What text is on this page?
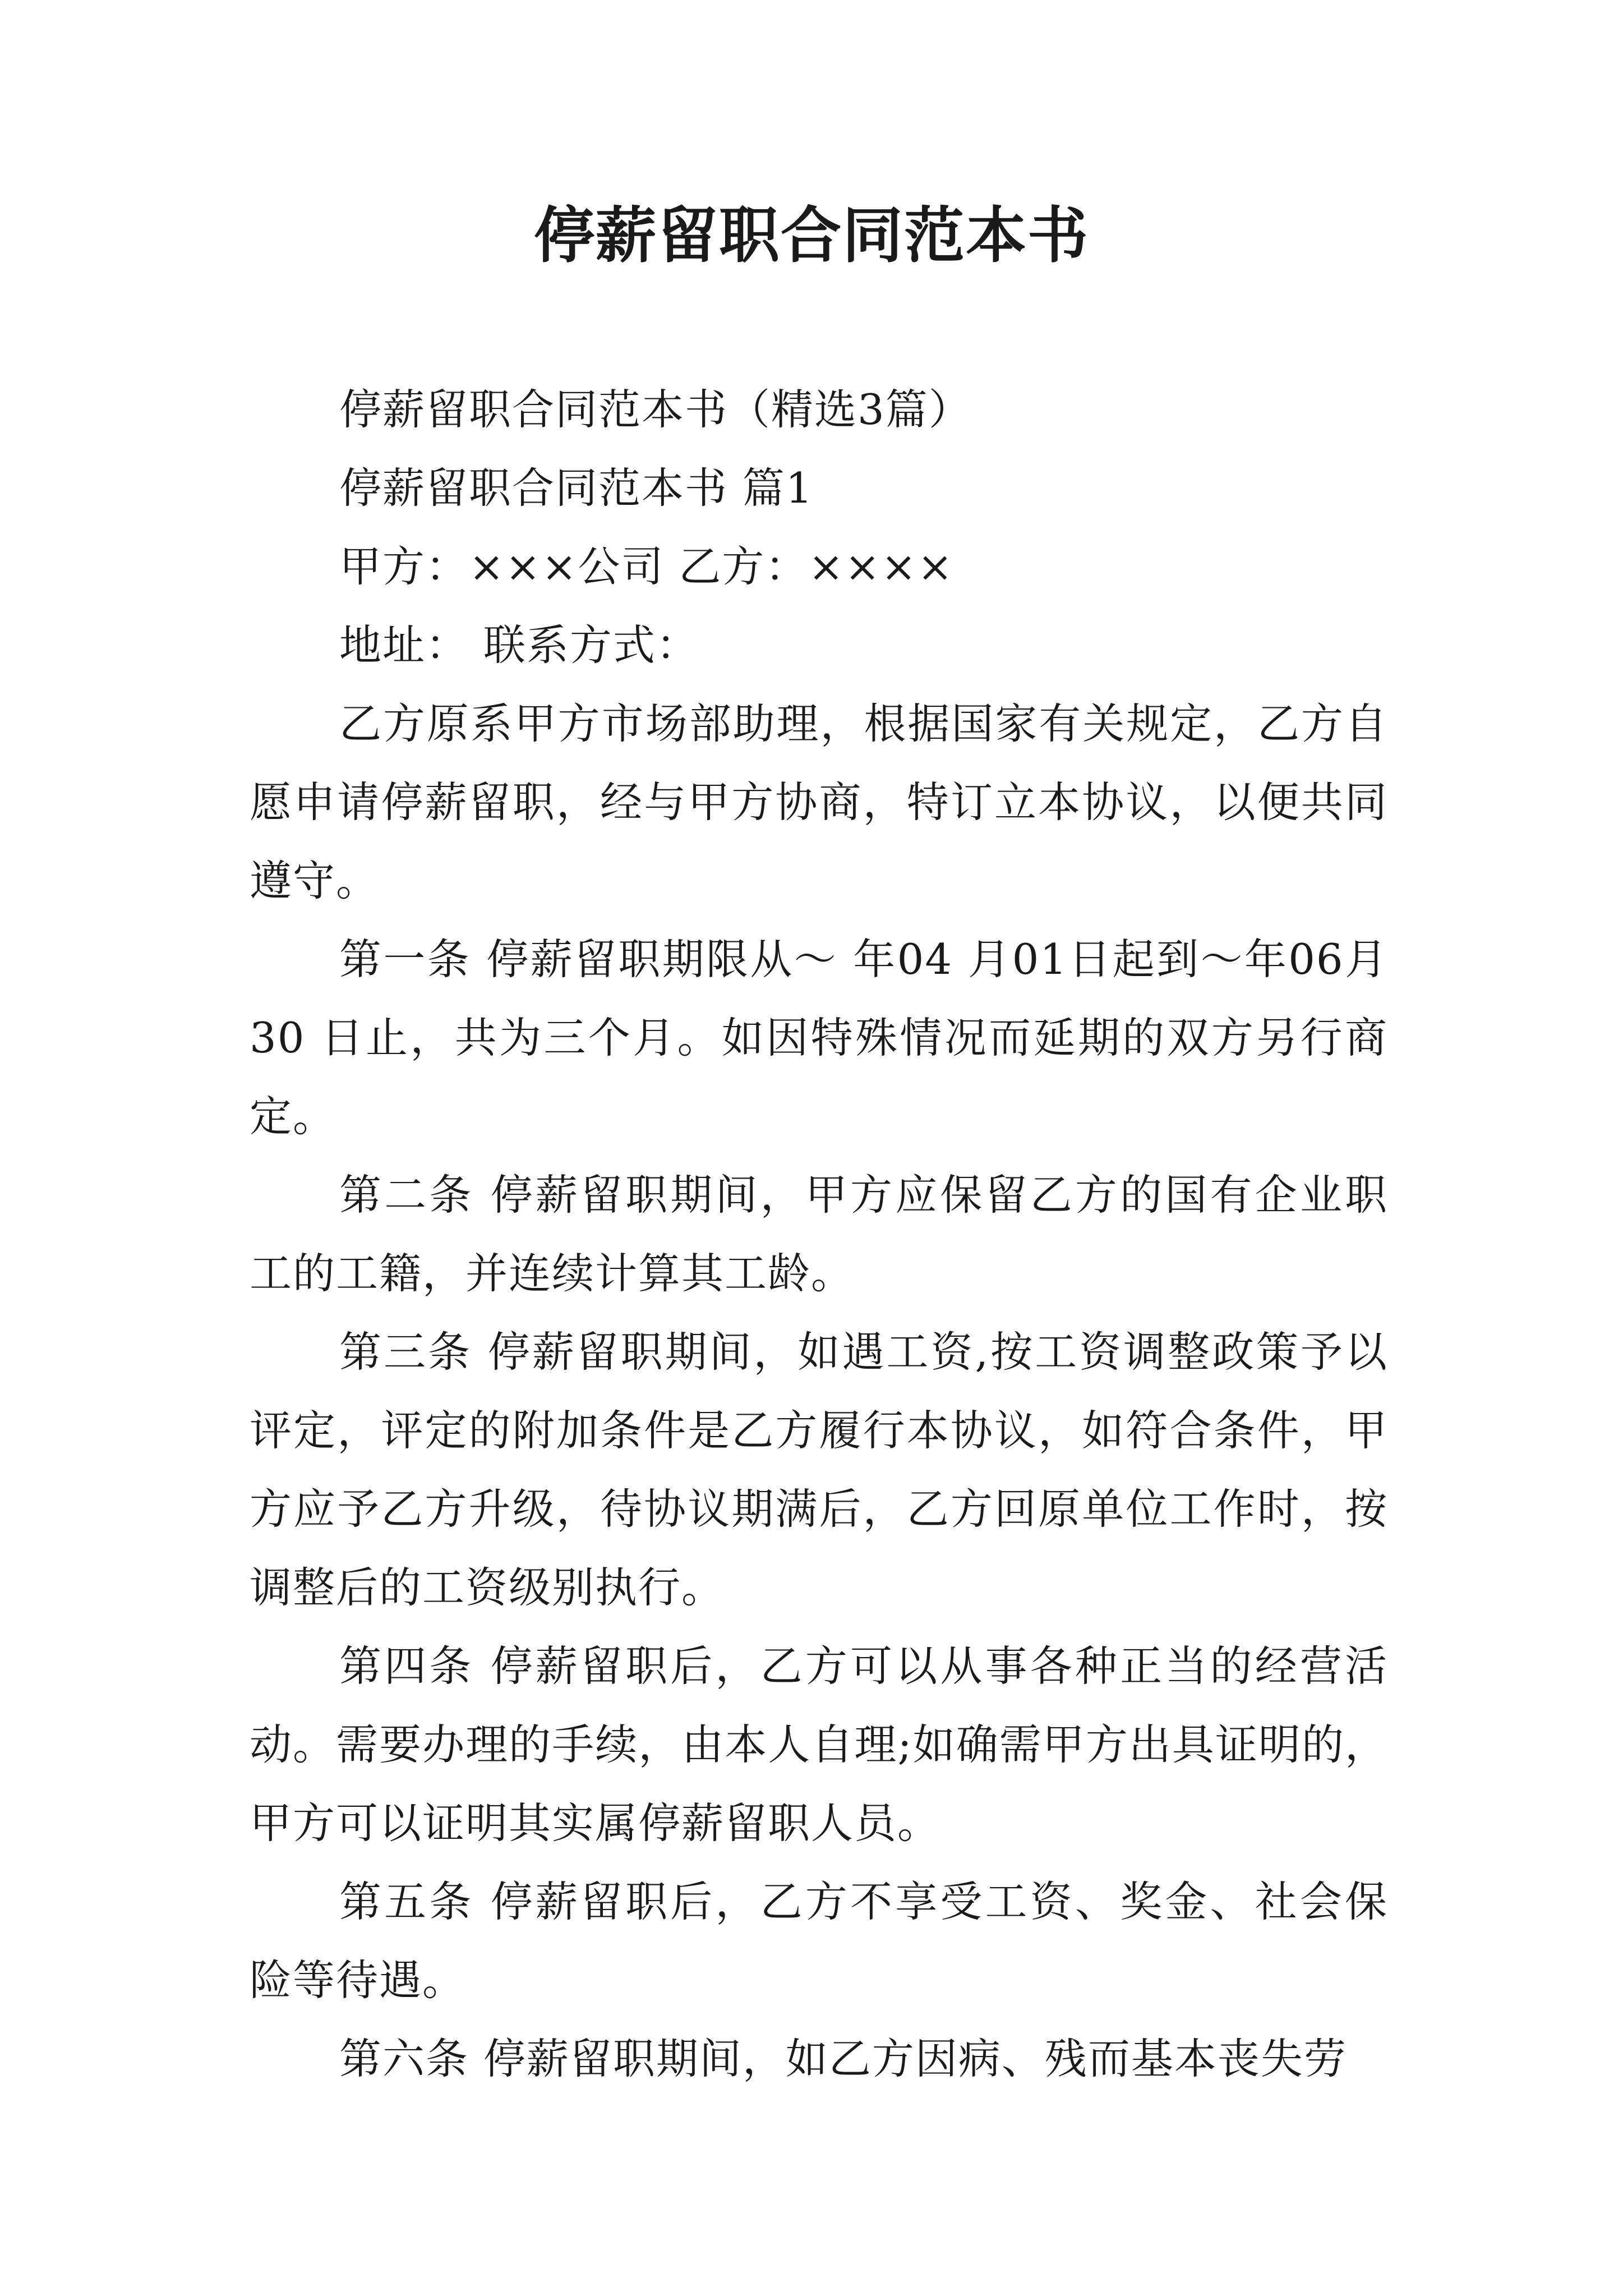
停薪留职合同范本书

停薪留职合同范本书（精选3篇）

停薪留职合同范本书 篇1

甲方：×××公司 乙方：××××

地址： 联系方式：

乙方原系甲方市场部助理，根据国家有关规定，乙方自愿申请停薪留职，经与甲方协商，特订立本协议，以便共同遵守。

第一条 停薪留职期限从～ 年04 月01日起到～年06月30 日止，共为三个月。如因特殊情况而延期的双方另行商定。

第二条 停薪留职期间，甲方应保留乙方的国有企业职工的工籍，并连续计算其工龄。

第三条 停薪留职期间，如遇工资,按工资调整政策予以评定，评定的附加条件是乙方履行本协议，如符合条件，甲方应予乙方升级，待协议期满后，乙方回原单位工作时，按调整后的工资级别执行。

第四条 停薪留职后，乙方可以从事各种正当的经营活动。需要办理的手续，由本人自理;如确需甲方出具证明的，甲方可以证明其实属停薪留职人员。

第五条 停薪留职后，乙方不享受工资、奖金、社会保险等待遇。

第六条 停薪留职期间，如乙方因病、残而基本丧失劳
